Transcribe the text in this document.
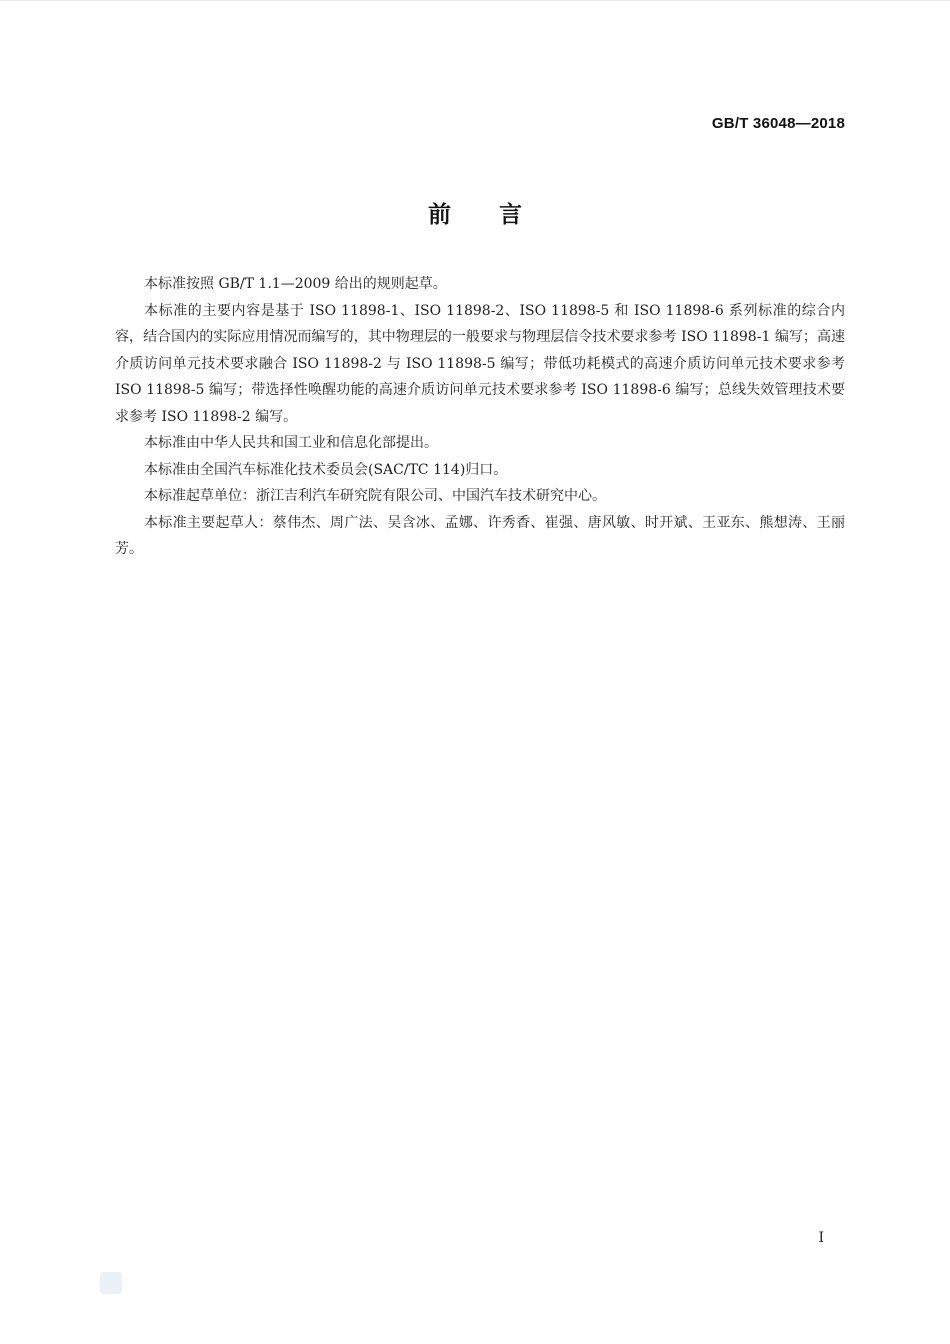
GB/T 36048—2018
前言

本标准按照 GB/T 1.1—2009 给出的规则起草。

本标准的主要内容是基于 ISO 11898-1、ISO 11898-2、ISO 11898-5 和 ISO 11898-6 系列标准的综合内容，结合国内的实际应用情况而编写的，其中物理层的一般要求与物理层信令技术要求参考 ISO 11898-1 编写；高速介质访问单元技术要求融合 ISO 11898-2 与 ISO 11898-5 编写；带低功耗模式的高速介质访问单元技术要求参考 ISO 11898-5 编写；带选择性唤醒功能的高速介质访问单元技术要求参考 ISO 11898-6 编写；总线失效管理技术要求参考 ISO 11898-2 编写。

本标准由中华人民共和国工业和信息化部提出。

本标准由全国汽车标准化技术委员会(SAC/TC 114)归口。

本标准起草单位：浙江吉利汽车研究院有限公司、中国汽车技术研究中心。

本标准主要起草人：蔡伟杰、周广法、吴含冰、孟娜、许秀香、崔强、唐风敏、时开斌、王亚东、熊想涛、王丽芳。

I
